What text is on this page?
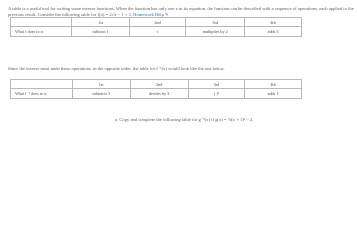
A table is a useful tool for writing some inverse functions. When the function has only one x in its equation, the function can be described with a sequence of operations, each applied to the previous result. Consider the following table for f(x) = 2√x − 1 + 3. Homework Help ✎
	1st	2nd	3rd	4th
What f does to x:	subtract 1	√	multiplies by 2	adds 3
Since the inverse must undo these operations, in the opposite order, the table for f⁻¹(x) would look like the one below.
	1st	2nd	3rd	4th
What f⁻¹ does to x:	subtracts 3	divides by 2	( )²	adds 1
a. Copy and complete the following table for g⁻¹(x) if g(x) = ½(x + 1)³ − 2.
